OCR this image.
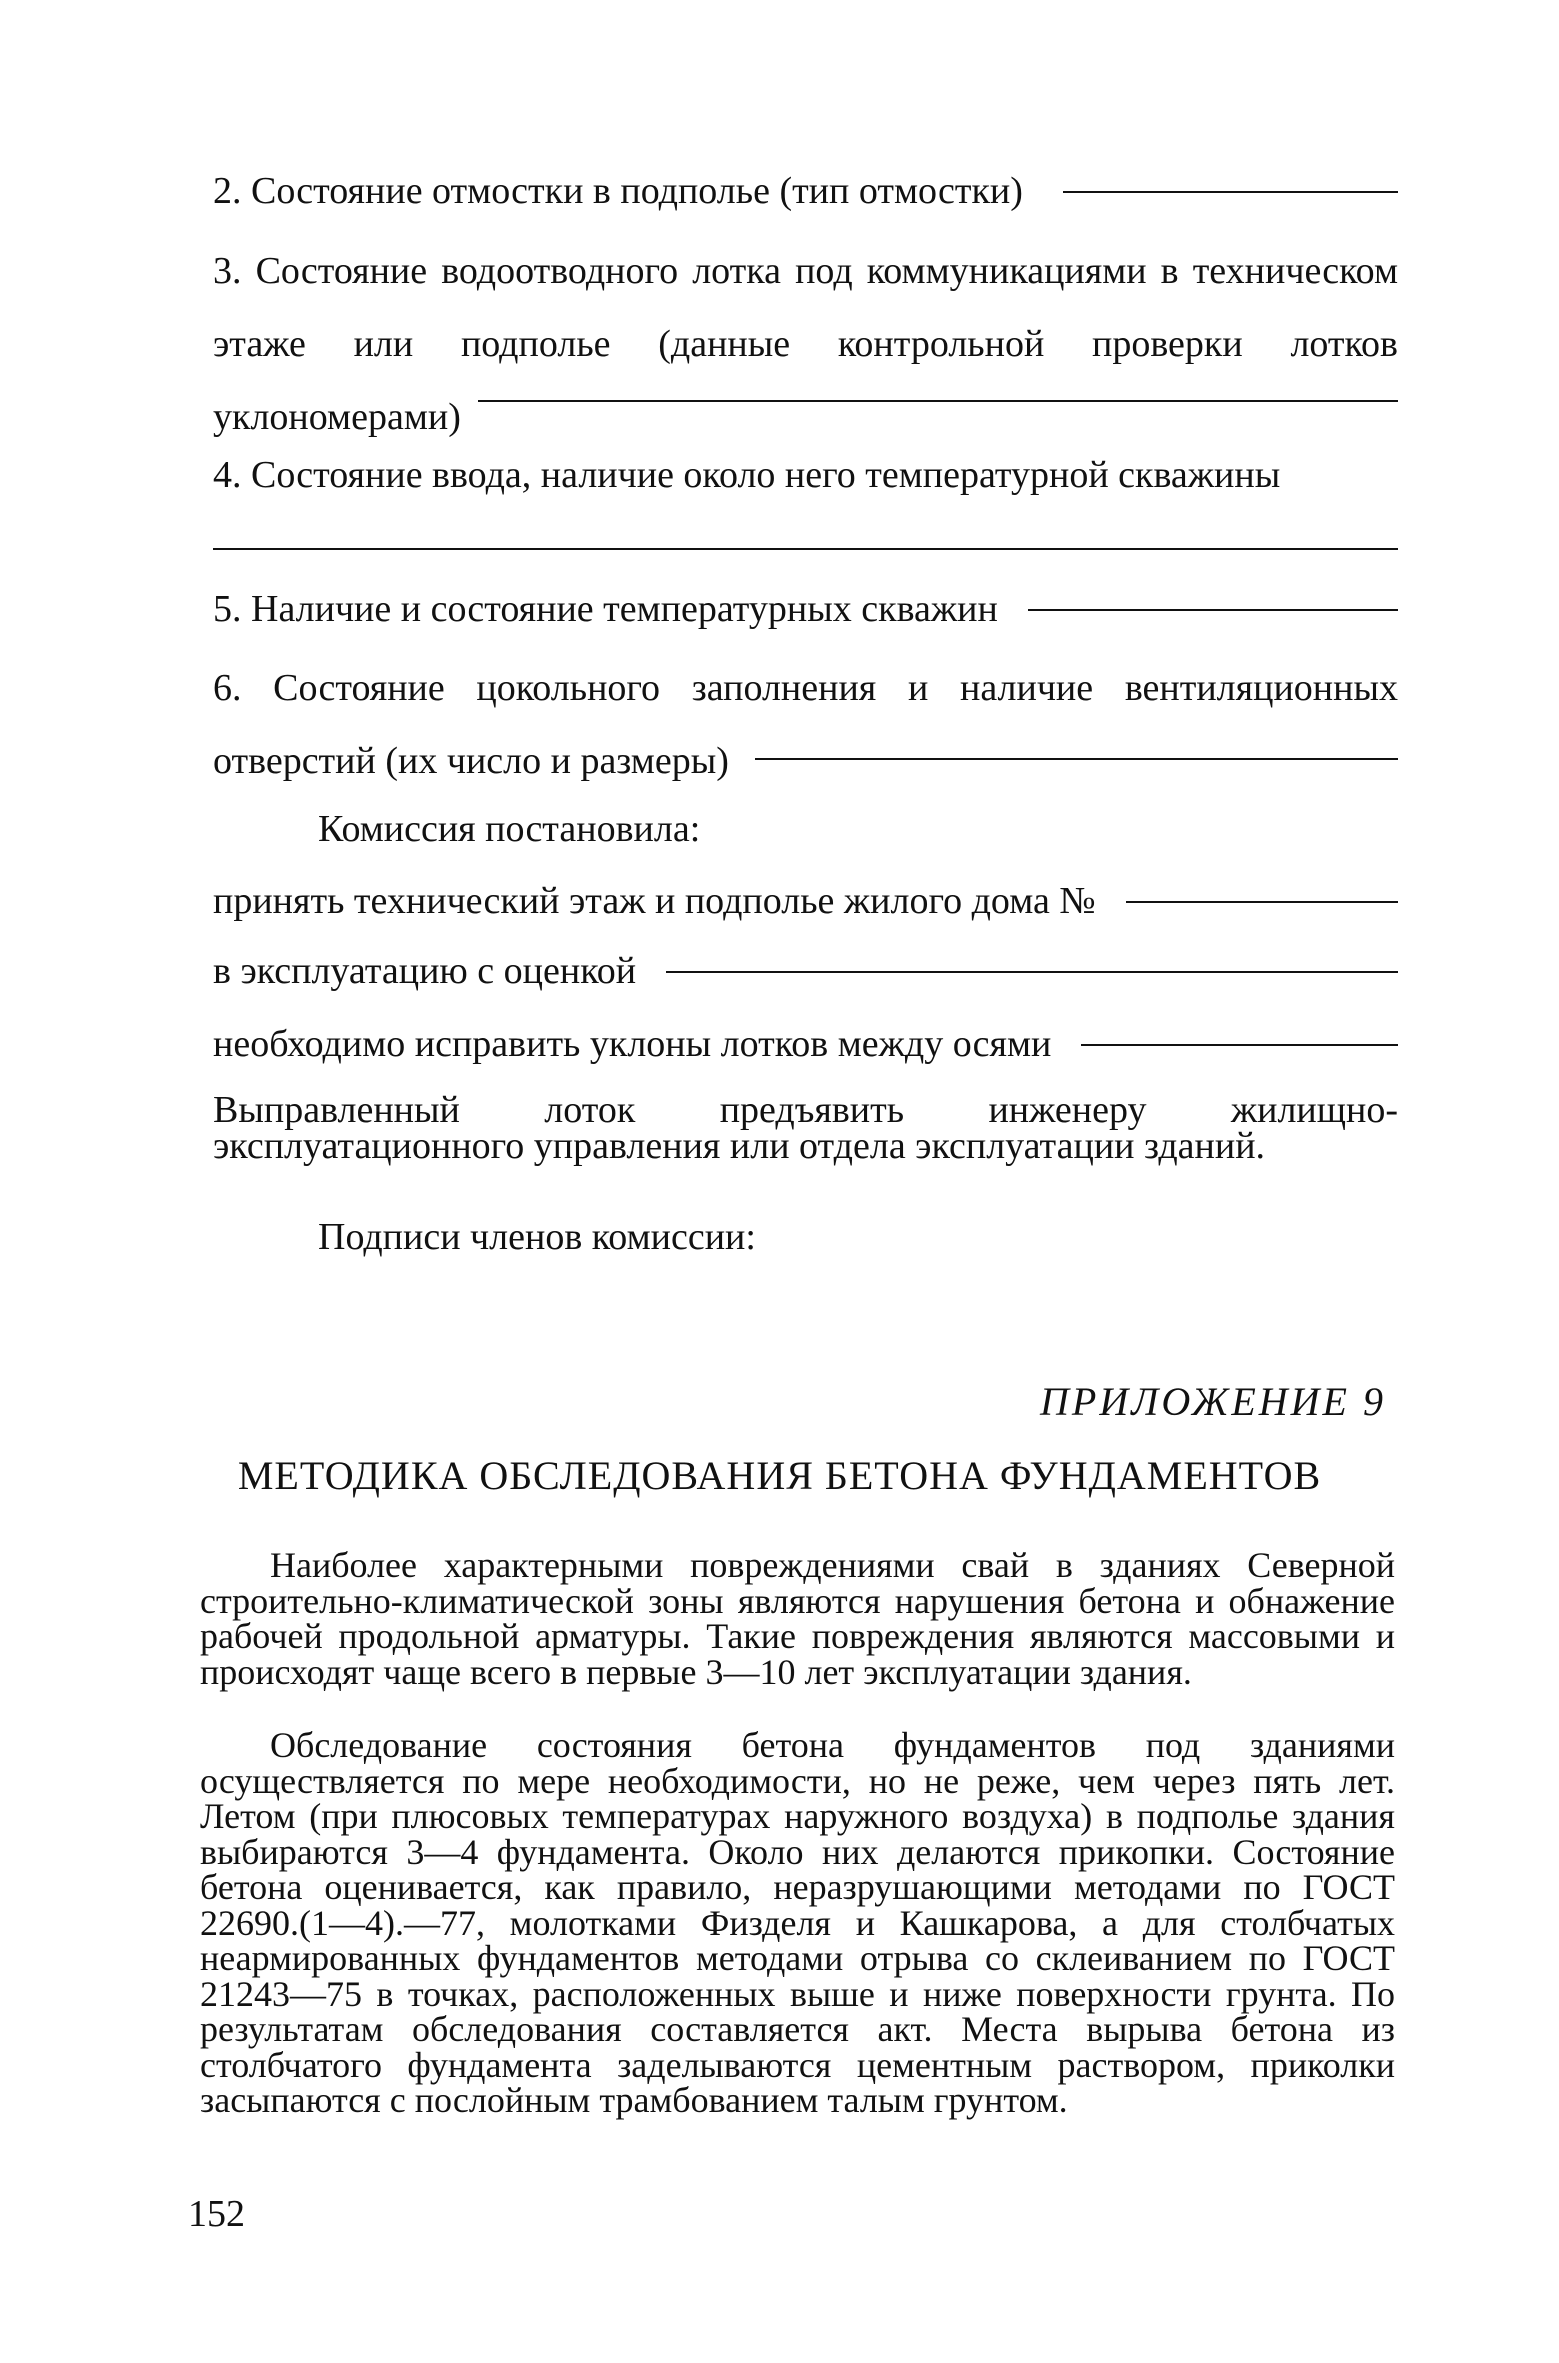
2. Состояние отмостки в подполье (тип отмостки)
3. Состояние водоотводного лотка под коммуникациями в техническом этаже или подполье (данные контрольной проверки лотков уклономерами)
4. Состояние ввода, наличие около него температурной скважины
5. Наличие и состояние температурных скважин
6. Состояние цокольного заполнения и наличие вентиляционных отверстий (их число и размеры)
Комиссия постановила:
принять технический этаж и подполье жилого дома №
в эксплуатацию с оценкой
необходимо исправить уклоны лотков между осями
Выправленный лоток предъявить инженеру жилищно-эксплуатационного управления или отдела эксплуатации зданий.
Подписи членов комиссии:
ПРИЛОЖЕНИЕ 9
МЕТОДИКА ОБСЛЕДОВАНИЯ БЕТОНА ФУНДАМЕНТОВ
Наиболее характерными повреждениями свай в зданиях Северной строительно-климатической зоны являются нарушения бетона и обнажение рабочей продольной арматуры. Такие повреждения являются массовыми и происходят чаще всего в первые 3—10 лет эксплуатации здания.
Обследование состояния бетона фундаментов под зданиями осуществляется по мере необходимости, но не реже, чем через пять лет. Летом (при плюсовых температурах наружного воздуха) в подполье здания выбираются 3—4 фундамента. Около них делаются прикопки. Состояние бетона оценивается, как правило, неразрушающими методами по ГОСТ 22690.(1—4).—77, молотками Физделя и Кашкарова, а для столбчатых неармированных фундаментов методами отрыва со склеиванием по ГОСТ 21243—75 в точках, расположенных выше и ниже поверхности грунта. По результатам обследования составляется акт. Места вырыва бетона из столбчатого фундамента заделываются цементным раствором, приколки засыпаются с послойным трамбованием талым грунтом.
152
